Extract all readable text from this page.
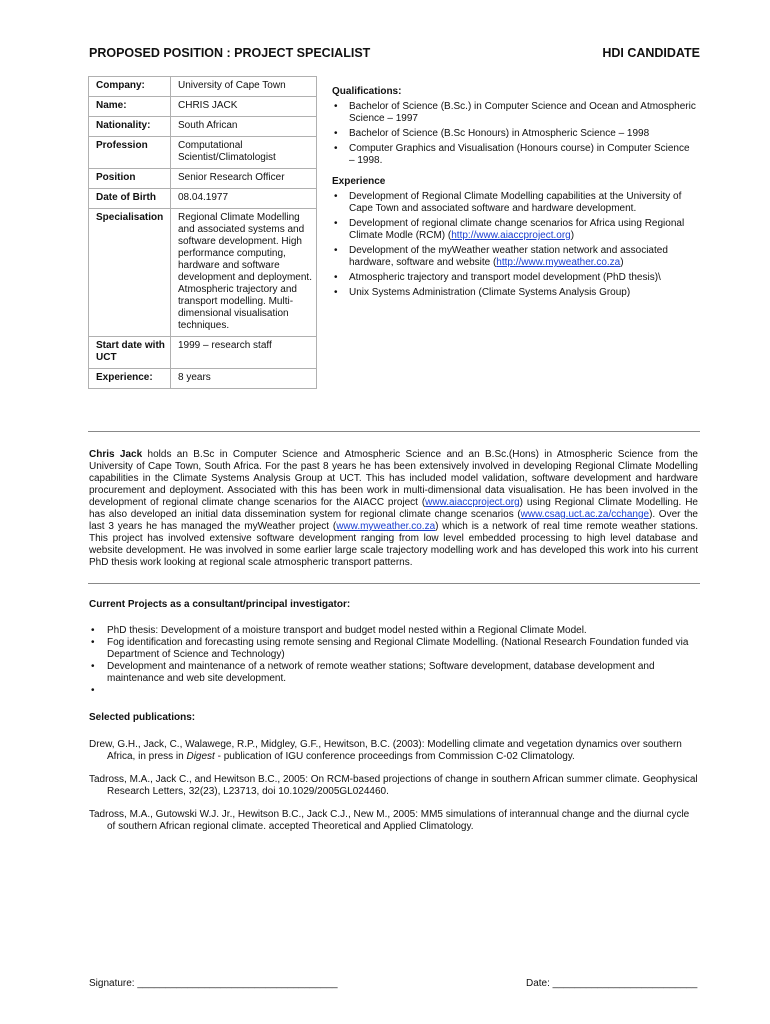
PROPOSED POSITION : PROJECT SPECIALIST	HDI CANDIDATE
Company:	University of Cape Town
Name:	CHRIS JACK
Nationality:	South African
Profession	Computational Scientist/Climatologist
Position	Senior Research Officer
Date of Birth	08.04.1977
Specialisation	Regional Climate Modelling and associated systems and software development. High performance computing, hardware and software development and deployment. Atmospheric trajectory and transport modelling. Multi-dimensional visualisation techniques.
Start date with UCT	1999 – research staff
Experience:	8 years
Qualifications:
• Bachelor of Science (B.Sc.) in Computer Science and Ocean and Atmospheric Science – 1997
• Bachelor of Science (B.Sc Honours) in Atmospheric Science – 1998
• Computer Graphics and Visualisation (Honours course) in Computer Science – 1998.
Experience
• Development of Regional Climate Modelling capabilities at the University of Cape Town and associated software and hardware development.
• Development of regional climate change scenarios for Africa using Regional Climate Modle (RCM) (http://www.aiaccproject.org)
• Development of the myWeather weather station network and associated hardware, software and website (http://www.myweather.co.za)
• Atmospheric trajectory and transport model development (PhD thesis)\
• Unix Systems Administration (Climate Systems Analysis Group)

Chris Jack holds an B.Sc in Computer Science and Atmospheric Science and an B.Sc.(Hons) in Atmospheric Science from the University of Cape Town, South Africa. For the past 8 years he has been extensively involved in developing Regional Climate Modelling capabilities in the Climate Systems Analysis Group at UCT. This has included model validation, software development and hardware procurement and deployment. Associated with this has been work in multi-dimensional data visualisation. He has been involved in the development of regional climate change scenarios for the AIACC project (www.aiaccproject.org) using Regional Climate Modelling. He has also developed an initial data dissemination system for regional climate change scenarios (www.csag.uct.ac.za/cchange). Over the last 3 years he has managed the myWeather project (www.myweather.co.za) which is a network of real time remote weather stations. This project has involved extensive software development ranging from low level embedded processing to high level database and website development. He was involved in some earlier large scale trajectory modelling work and has developed this work into his current PhD thesis work looking at regional scale atmospheric transport patterns.

Current Projects as a consultant/principal investigator:
• PhD thesis: Development of a moisture transport and budget model nested within a Regional Climate Model.
• Fog identification and forecasting using remote sensing and Regional Climate Modelling. (National Research Foundation funded via Department of Science and Technology)
• Development and maintenance of a network of remote weather stations; Software development, database development and maintenance and web site development.
•
Selected publications:

Drew, G.H., Jack, C., Walawege, R.P., Midgley, G.F., Hewitson, B.C. (2003): Modelling climate and vegetation dynamics over southern Africa, in press in Digest - publication of IGU conference proceedings from Commission C-02 Climatology.

Tadross, M.A., Jack C., and Hewitson B.C., 2005: On RCM-based projections of change in southern African summer climate. Geophysical Research Letters, 32(23), L23713, doi 10.1029/2005GL024460.

Tadross, M.A., Gutowski W.J. Jr., Hewitson B.C., Jack C.J., New M., 2005: MM5 simulations of interannual change and the diurnal cycle of southern African regional climate. accepted Theoretical and Applied Climatology.

Signature: ____________________________________	Date: __________________________
